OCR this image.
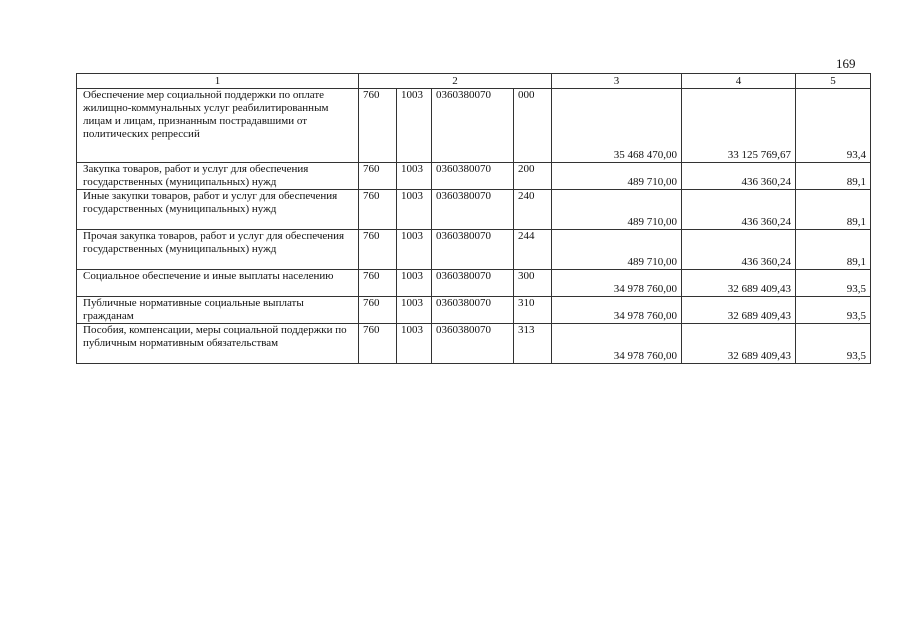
169
1	2				3	4	5
Обеспечение мер социальной поддержки по оплате жилищно-коммунальных услуг реабилитированным лицам и лицам, признанным пострадавшими от политических репрессий	760	1003	0360380070	000	35 468 470,00	33 125 769,67	93,4
Закупка товаров, работ и услуг для обеспечения государственных (муниципальных) нужд	760	1003	0360380070	200	489 710,00	436 360,24	89,1
Иные закупки товаров, работ и услуг для обеспечения государственных (муниципальных) нужд	760	1003	0360380070	240	489 710,00	436 360,24	89,1
Прочая закупка товаров, работ и услуг для обеспечения государственных (муниципальных) нужд	760	1003	0360380070	244	489 710,00	436 360,24	89,1
Социальное обеспечение и иные выплаты населению	760	1003	0360380070	300	34 978 760,00	32 689 409,43	93,5
Публичные нормативные социальные выплаты гражданам	760	1003	0360380070	310	34 978 760,00	32 689 409,43	93,5
Пособия, компенсации, меры социальной поддержки по публичным нормативным обязательствам	760	1003	0360380070	313	34 978 760,00	32 689 409,43	93,5
